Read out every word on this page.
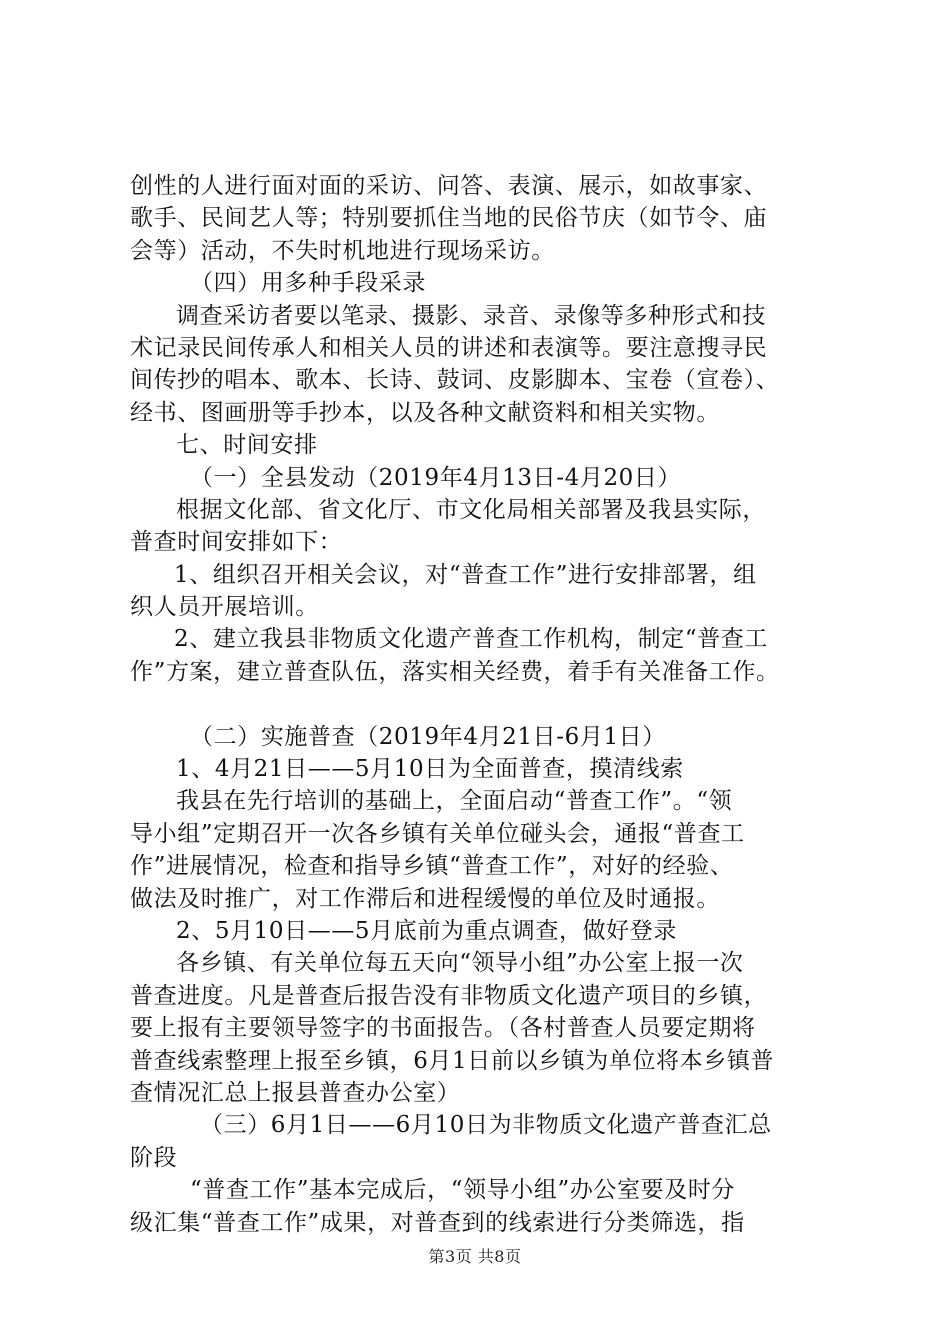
创性的人进行面对面的采访、问答、表演、展示，如故事家、
歌手、民间艺人等；特别要抓住当地的民俗节庆（如节令、庙
会等）活动，不失时机地进行现场采访。
（四）用多种手段采录
调查采访者要以笔录、摄影、录音、录像等多种形式和技
术记录民间传承人和相关人员的讲述和表演等。要注意搜寻民
间传抄的唱本、歌本、长诗、鼓词、皮影脚本、宝卷（宣卷）、
经书、图画册等手抄本，以及各种文献资料和相关实物。
七、时间安排
（一）全县发动（2019年4月13日-4月20日）
根据文化部、省文化厅、市文化局相关部署及我县实际，
普查时间安排如下：
1、组织召开相关会议，对“普查工作”进行安排部署，组
织人员开展培训。
2、建立我县非物质文化遗产普查工作机构，制定“普查工
作”方案，建立普查队伍，落实相关经费，着手有关准备工作。
（二）实施普查（2019年4月21日-6月1日）
1、4月21日——5月10日为全面普查，摸清线索
我县在先行培训的基础上，全面启动“普查工作”。“领
导小组”定期召开一次各乡镇有关单位碰头会，通报“普查工
作”进展情况，检查和指导乡镇“普查工作”，对好的经验、
做法及时推广，对工作滞后和进程缓慢的单位及时通报。
2、5月10日——5月底前为重点调查，做好登录
各乡镇、有关单位每五天向“领导小组”办公室上报一次
普查进度。凡是普查后报告没有非物质文化遗产项目的乡镇，
要上报有主要领导签字的书面报告。（各村普查人员要定期将
普查线索整理上报至乡镇，6月1日前以乡镇为单位将本乡镇普
查情况汇总上报县普查办公室）
（三）6月1日——6月10日为非物质文化遗产普查汇总
阶段
“普查工作”基本完成后，“领导小组”办公室要及时分
级汇集“普查工作”成果，对普查到的线索进行分类筛选，指
第3页 共8页
